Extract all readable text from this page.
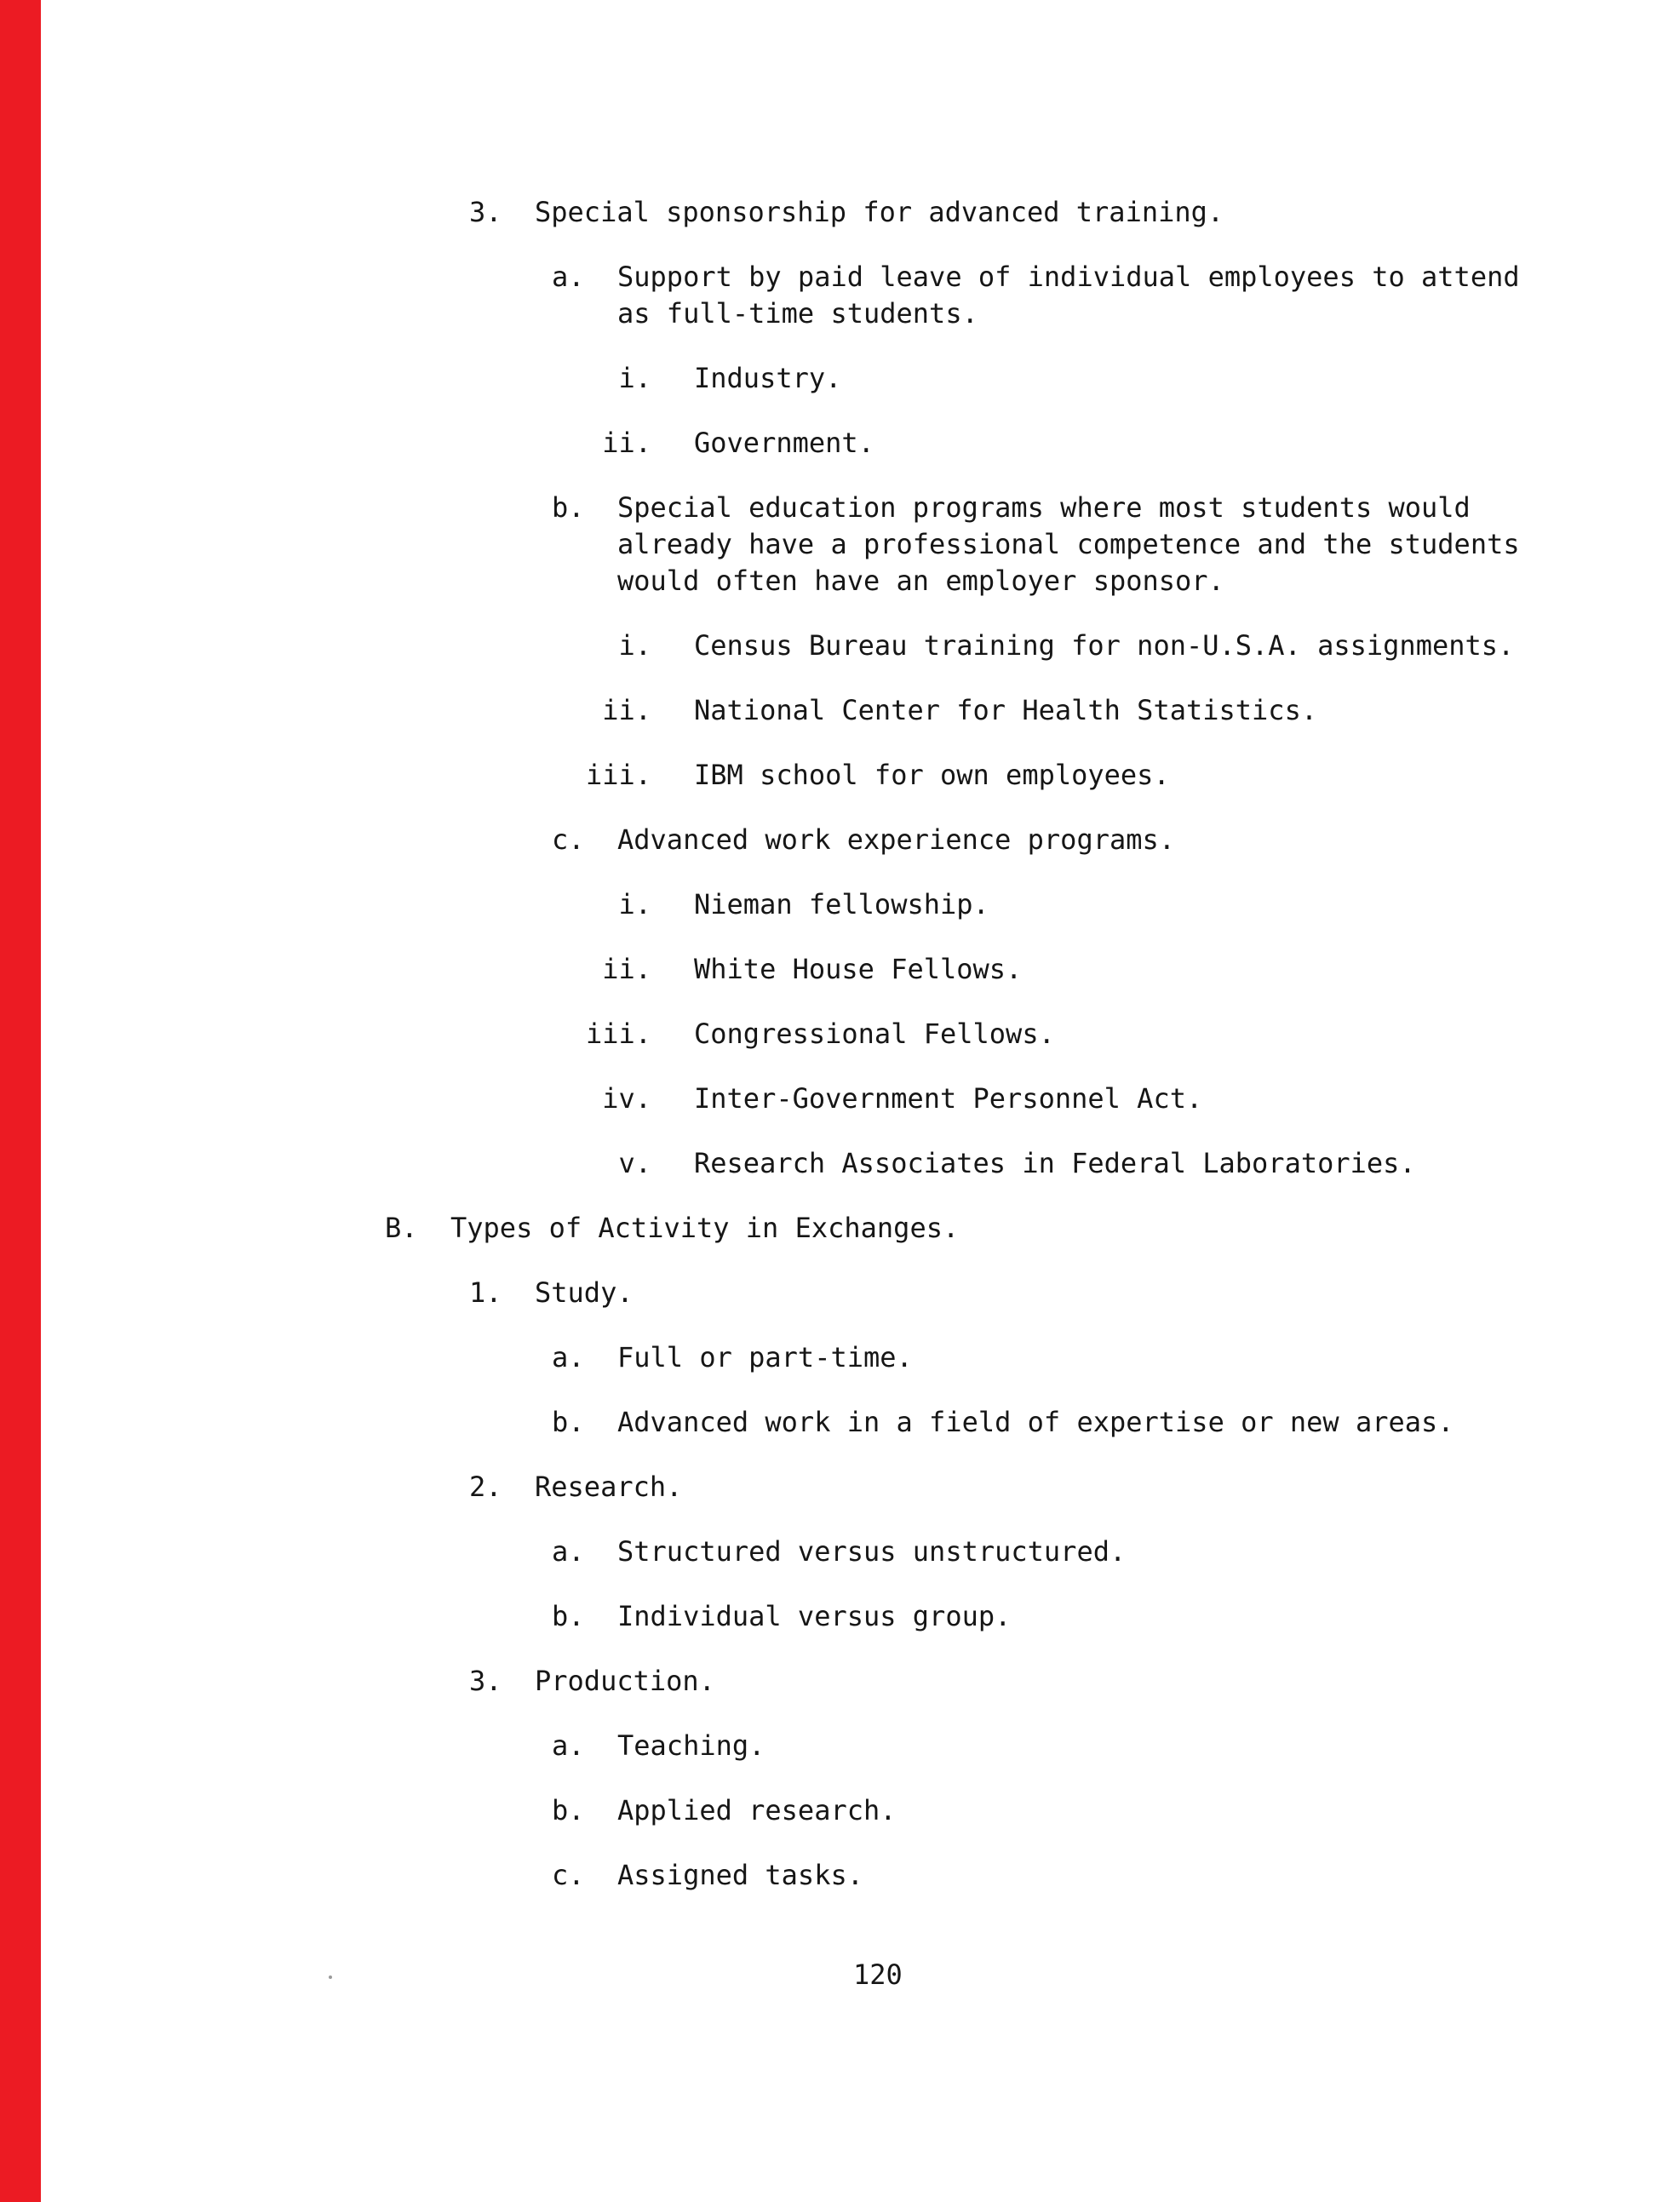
3. Special sponsorship for advanced training.
a. Support by paid leave of individual employees to attend as full-time students.
i. Industry.
ii. Government.
b. Special education programs where most students would already have a professional competence and the students would often have an employer sponsor.
i. Census Bureau training for non-U.S.A. assignments.
ii. National Center for Health Statistics.
iii. IBM school for own employees.
c. Advanced work experience programs.
i. Nieman fellowship.
ii. White House Fellows.
iii. Congressional Fellows.
iv. Inter-Government Personnel Act.
v. Research Associates in Federal Laboratories.
B. Types of Activity in Exchanges.
1. Study.
a. Full or part-time.
b. Advanced work in a field of expertise or new areas.
2. Research.
a. Structured versus unstructured.
b. Individual versus group.
3. Production.
a. Teaching.
b. Applied research.
c. Assigned tasks.
120
